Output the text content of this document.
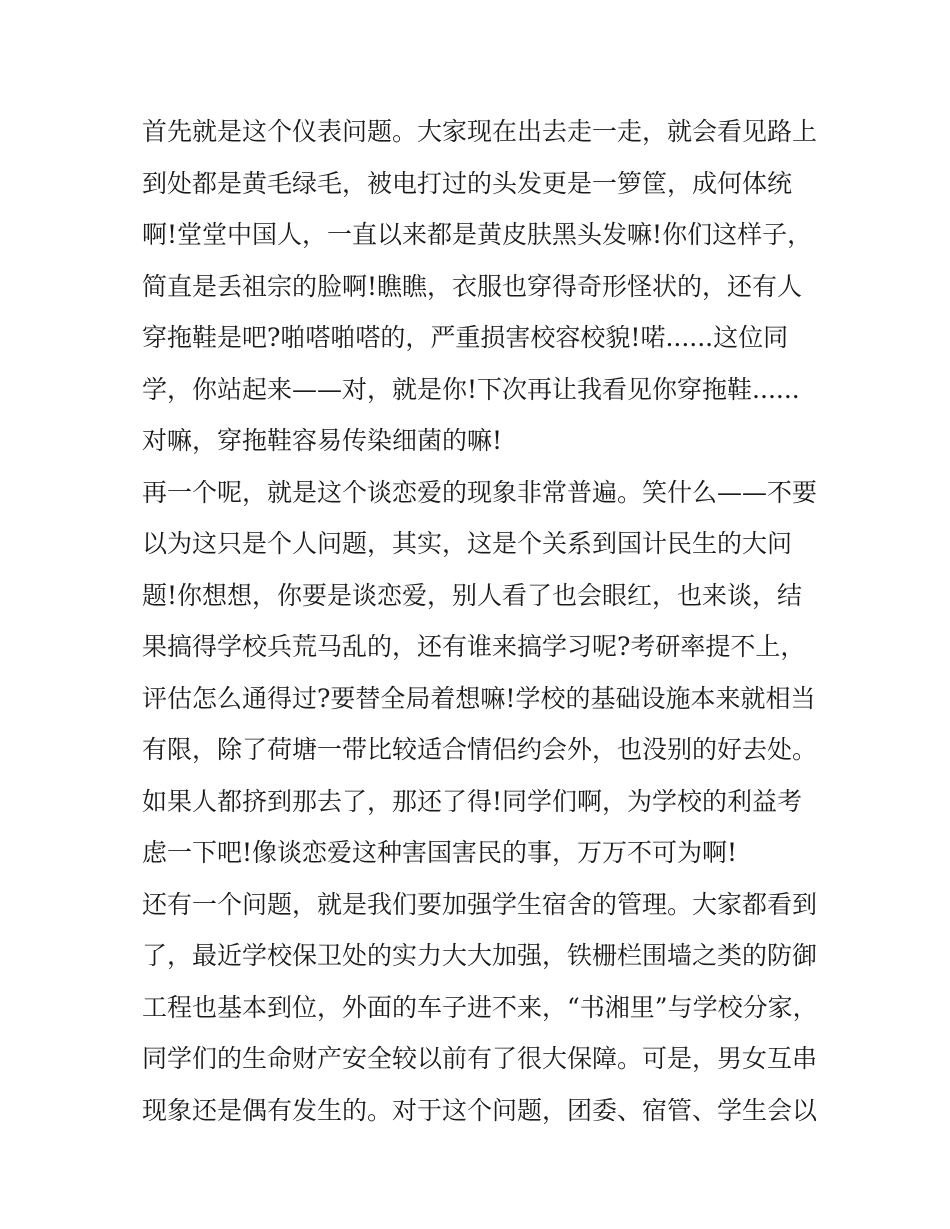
首先就是这个仪表问题。大家现在出去走一走，就会看见路上
到处都是黄毛绿毛，被电打过的头发更是一箩筐，成何体统
啊!堂堂中国人，一直以来都是黄皮肤黑头发嘛!你们这样子，
简直是丢祖宗的脸啊!瞧瞧，衣服也穿得奇形怪状的，还有人
穿拖鞋是吧?啪嗒啪嗒的，严重损害校容校貌!喏......这位同
学，你站起来——对，就是你!下次再让我看见你穿拖鞋......
对嘛，穿拖鞋容易传染细菌的嘛!
再一个呢，就是这个谈恋爱的现象非常普遍。笑什么——不要
以为这只是个人问题，其实，这是个关系到国计民生的大问
题!你想想，你要是谈恋爱，别人看了也会眼红，也来谈，结
果搞得学校兵荒马乱的，还有谁来搞学习呢?考研率提不上，
评估怎么通得过?要替全局着想嘛!学校的基础设施本来就相当
有限，除了荷塘一带比较适合情侣约会外，也没别的好去处。
如果人都挤到那去了，那还了得!同学们啊，为学校的利益考
虑一下吧!像谈恋爱这种害国害民的事，万万不可为啊!
还有一个问题，就是我们要加强学生宿舍的管理。大家都看到
了，最近学校保卫处的实力大大加强，铁栅栏围墙之类的防御
工程也基本到位，外面的车子进不来，“书湘里”与学校分家，
同学们的生命财产安全较以前有了很大保障。可是，男女互串
现象还是偶有发生的。对于这个问题，团委、宿管、学生会以
